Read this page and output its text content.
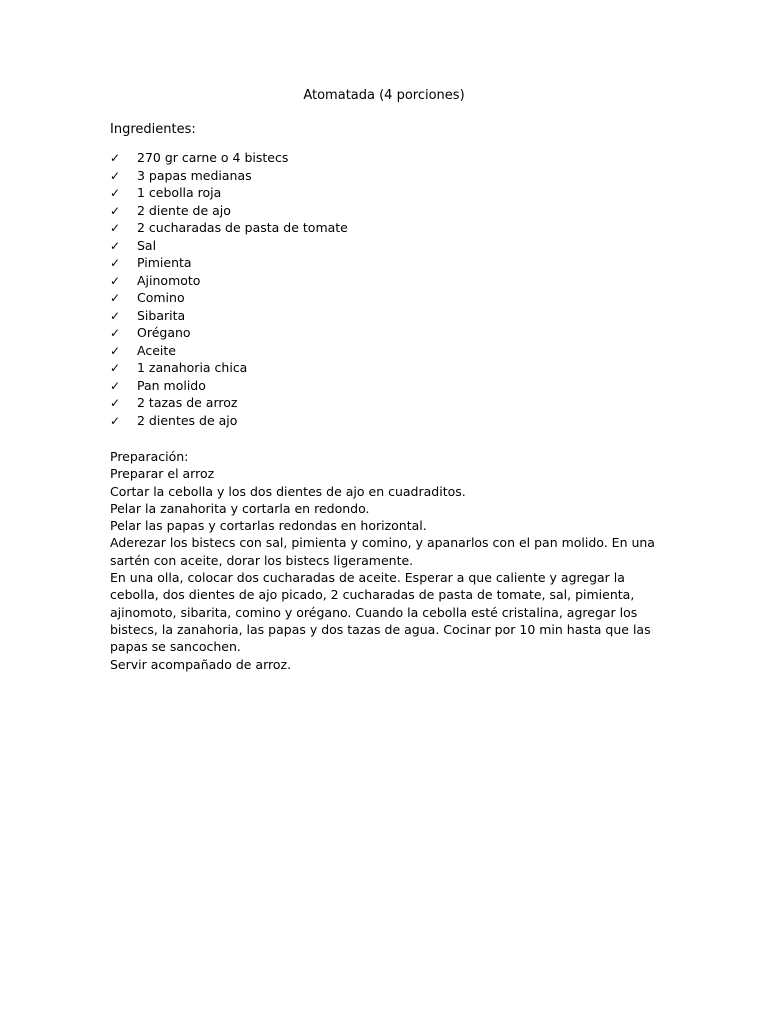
Atomatada (4 porciones)
Ingredientes:
✓ 270 gr carne o 4 bistecs
✓ 3 papas medianas
✓ 1 cebolla roja
✓ 2 diente de ajo
✓ 2 cucharadas de pasta de tomate
✓ Sal
✓ Pimienta
✓ Ajinomoto
✓ Comino
✓ Sibarita
✓ Orégano
✓ Aceite
✓ 1 zanahoria chica
✓ Pan molido
✓ 2 tazas de arroz
✓ 2 dientes de ajo

Preparación:

Preparar el arroz

Cortar la cebolla y los dos dientes de ajo en cuadraditos.

Pelar la zanahorita y cortarla en redondo.

Pelar las papas y cortarlas redondas en horizontal.

Aderezar los bistecs con sal, pimienta y comino, y apanarlos con el pan molido. En una sartén con aceite, dorar los bistecs ligeramente.

En una olla, colocar dos cucharadas de aceite. Esperar a que caliente y agregar la cebolla, dos dientes de ajo picado, 2 cucharadas de pasta de tomate, sal, pimienta, ajinomoto, sibarita, comino y orégano. Cuando la cebolla esté cristalina, agregar los bistecs, la zanahoria, las papas y dos tazas de agua. Cocinar por 10 min hasta que las papas se sancochen.

Servir acompañado de arroz.
